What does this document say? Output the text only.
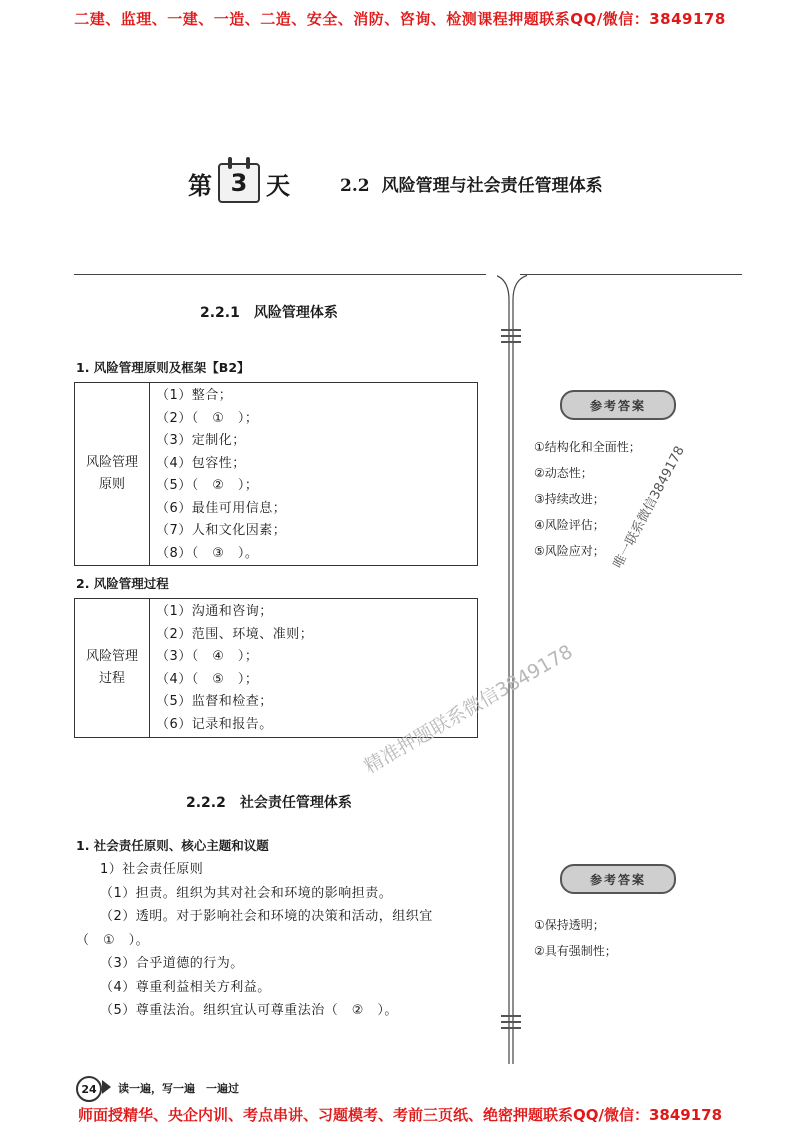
二建、监理、一建、一造、二造、安全、消防、咨询、检测课程押题联系QQ/微信：3849178
第 3 天	2.2 风险管理与社会责任管理体系
2.2.1　风险管理体系
1. 风险管理原则及框架【B2】
风险管理
原则
（1）整合；
（2）（　①　）；
（3）定制化；
（4）包容性；
（5）（　②　）；
（6）最佳可用信息；
（7）人和文化因素；
（8）（　③　）。
2. 风险管理过程
风险管理
过程
（1）沟通和咨询；
（2）范围、环境、准则；
（3）（　④　）；
（4）（　⑤　）；
（5）监督和检查；
（6）记录和报告。
2.2.2　社会责任管理体系
1. 社会责任原则、核心主题和议题
1）社会责任原则
（1）担责。组织为其对社会和环境的影响担责。
（2）透明。对于影响社会和环境的决策和活动，组织宜
（　①　）。
（3）合乎道德的行为。
（4）尊重利益相关方利益。
（5）尊重法治。组织宜认可尊重法治（　②　）。
参考答案
①结构化和全面性；
②动态性；
③持续改进；
④风险评估；
⑤风险应对；
参考答案
①保持透明；
②具有强制性；
唯一联系微信3849178
精准押题联系微信3849178
24	读一遍，写一遍　一遍过
师面授精华、央企内训、考点串讲、习题模考、考前三页纸、绝密押题联系QQ/微信：3849178
